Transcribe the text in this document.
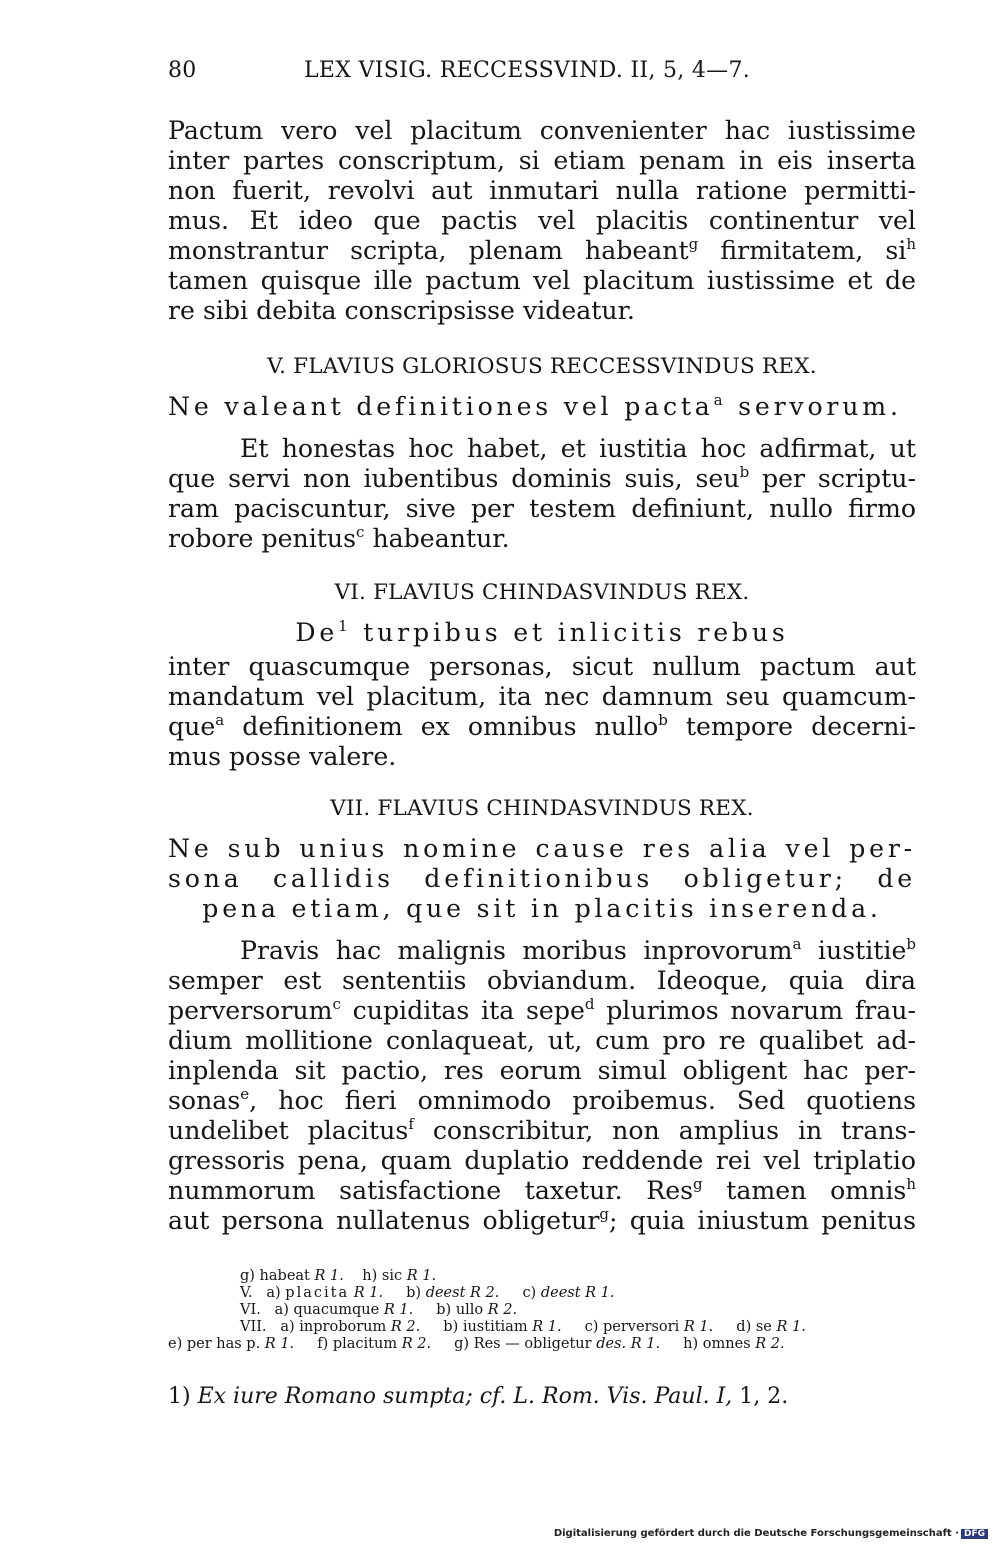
80	LEX VISIG. RECCESSVIND. II, 5, 4—7.
Pactum vero vel placitum convenienter hac iustissime
inter partes conscriptum, si etiam penam in eis inserta
non fuerit, revolvi aut inmutari nulla ratione permitti-
mus. Et ideo que pactis vel placitis continentur vel
monstrantur scripta, plenam habeant$^g$ firmitatem, $si^h$
tamen quisque ille pactum vel placitum iustissime et de
re sibi debita conscripsisse videatur.
V. FLAVIUS GLORIOSUS RECCESSVINDUS REX.
Ne valeant definitiones vel pacta$^a$ servorum.
Et honestas hoc habet, et iustitia hoc adfirmat, ut
que servi non iubentibus dominis suis, seu$^b$ per scriptu-
ram paciscuntur, sive per testem definiunt, nullo firmo
robore penitus$^c$ habeantur.
VI. FLAVIUS CHINDASVINDUS REX.
De$^1$ turpibus et inlicitis rebus
inter quascumque personas, sicut nullum pactum aut
mandatum vel placitum, ita nec damnum seu quamcum-
que$^a$ definitionem ex omnibus nullo$^b$ tempore decerni-
mus posse valere.
VII. FLAVIUS CHINDASVINDUS REX.
Ne sub unius nomine cause res alia vel per-
sona callidis definitionibus obligetur; de
pena etiam, que sit in placitis inserenda.
Pravis hac malignis moribus inprovorum$^a$ iustitie$^b$
semper est sententiis obviandum. Ideoque, quia dira
perversorum$^c$ cupiditas ita sepe$^d$ plurimos novarum frau-
dium mollitione conlaqueat, ut, cum pro re qualibet ad-
inplenda sit pactio, res eorum simul obligent hac per-
sonas$^e$, hoc fieri omnimodo proibemus. Sed quotiens
undelibet placitus$^f$ conscribitur, non amplius in trans-
gressoris pena, quam duplatio reddende rei vel triplatio
nummorum satisfactione taxetur. Res$^g$ tamen omnis$^h$
aut persona nullatenus obligetur$^g$; quia iniustum penitus
g) habeat R 1. h) sic R 1.
V. a) placita R 1. b) deest R 2. c) deest R 1.
VI. a) quacumque R 1. b) ullo R 2.
VII. a) inproborum R 2. b) iustitiam R 1. c) perversori R 1. d) se R 1.
e) per has p. R 1. f) placitum R 2. g) Res — obligetur des. R 1. h) omnes R 2.
1) Ex iure Romano sumpta; cf. L. Rom. Vis. Paul. I, 1, 2.
Digitalisierung gefördert durch die Deutsche Forschungsgemeinschaft · DFG
